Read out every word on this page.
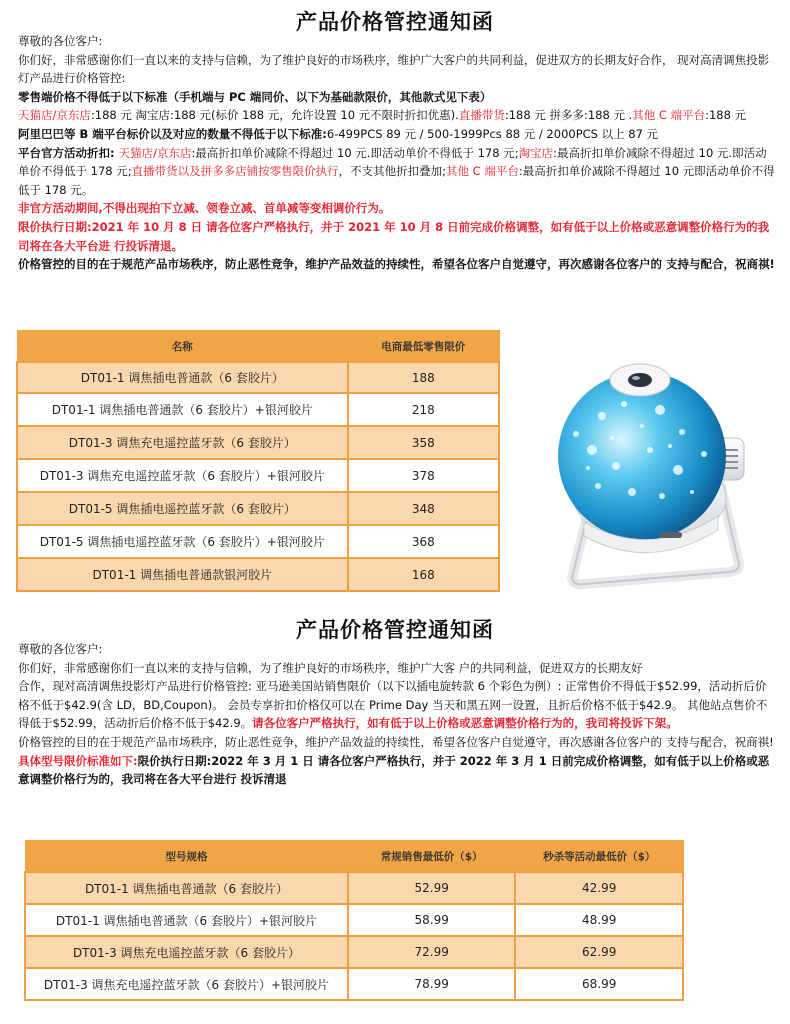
产品价格管控通知函

尊敬的各位客户:

你们好，非常感谢你们一直以来的支持与信赖，为了维护良好的市场秩序，维护广大客户的共同利益，促进双方的长期友好合作， 现对高清调焦投影灯产品进行价格管控:

零售端价格不得低于以下标准（手机端与 PC 端同价、以下为基础款限价，其他款式见下表）

天猫店/京东店:188 元 淘宝店:188 元(标价 188 元，允许设置 10 元不限时折扣优惠).直播带货:188 元 拼多多:188 元 .其他 C 端平台:188 元

阿里巴巴等 B 端平台标价以及对应的数量不得低于以下标准:6-499PCS 89 元 / 500-1999Pcs 88 元 / 2000PCS 以上 87 元

平台官方活动折扣: 天猫店/京东店:最高折扣单价减除不得超过 10 元.即活动单价不得低于 178 元;淘宝店:最高折扣单价减除不得超过 10 元.即活动单价不得低于 178 元;直播带货以及拼多多店铺按零售限价执行，不支其他折扣叠加;其他 C 端平台:最高折扣单价减除不得超过 10 元即活动单价不得低于 178 元。

非官方活动期间,不得出现拍下立减、领卷立减、首单减等变相调价行为。

限价执行日期:2021 年 10 月 8 日 请各位客户严格执行，并于 2021 年 10 月 8 日前完成价格调整，如有低于以上价格或恶意调整价格行为的我司将在各大平台进 行投诉清退。

价格管控的目的在于规范产品市场秩序，防止恶性竞争，维护产品效益的持续性，希望各位客户自觉遵守，再次感谢各位客户的 支持与配合，祝商祺!

名称	电商最低零售限价
DT01-1 调焦插电普通款（6 套胶片）	188
DT01-1 调焦插电普通款（6 套胶片）+银河胶片	218
DT01-3 调焦充电遥控蓝牙款（6 套胶片）	358
DT01-3 调焦充电遥控蓝牙款（6 套胶片）+银河胶片	378
DT01-5 调焦插电遥控蓝牙款（6 套胶片）	348
DT01-5 调焦插电遥控蓝牙款（6 套胶片）+银河胶片	368
DT01-1 调焦插电普通款银河胶片	168
产品价格管控通知函

尊敬的各位客户:

你们好，非常感谢你们一直以来的支持与信赖，为了维护良好的市场秩序，维护广大客 户的共同利益，促进双方的长期友好

合作，现对高清调焦投影灯产品进行价格管控: 亚马逊美国站销售限价（以下以插电旋转款 6 个彩色为例）: 正常售价不得低于$52.99，活动折后价格不低于$42.9(含 LD，BD,Coupon)。 会员专享折扣价格仅可以在 Prime Day 当天和黑五网一设置，且折后价格不低于$42.9。 其他站点售价不得低于$52.99，活动折后价格不低于$42.9。请各位客户严格执行，如有低于以上价格或恶意调整价格行为的，我司将投诉下架。

价格管控的目的在于规范产品市场秩序，防止恶性竞争，维护产品效益的持续性，希望各位客户自觉遵守，再次感谢各位客户的 支持与配合，祝商祺!

具体型号限价标准如下:限价执行日期:2022 年 3 月 1 日 请各位客户严格执行，并于 2022 年 3 月 1 日前完成价格调整，如有低于以上价格或恶意调整价格行为的，我司将在各大平台进行 投诉清退

型号规格	常规销售最低价（$）	秒杀等活动最低价（$）
DT01-1 调焦插电普通款（6 套胶片）	52.99	42.99
DT01-1 调焦插电普通款（6 套胶片）+银河胶片	58.99	48.99
DT01-3 调焦充电遥控蓝牙款（6 套胶片）	72.99	62.99
DT01-3 调焦充电遥控蓝牙款（6 套胶片）+银河胶片	78.99	68.99
